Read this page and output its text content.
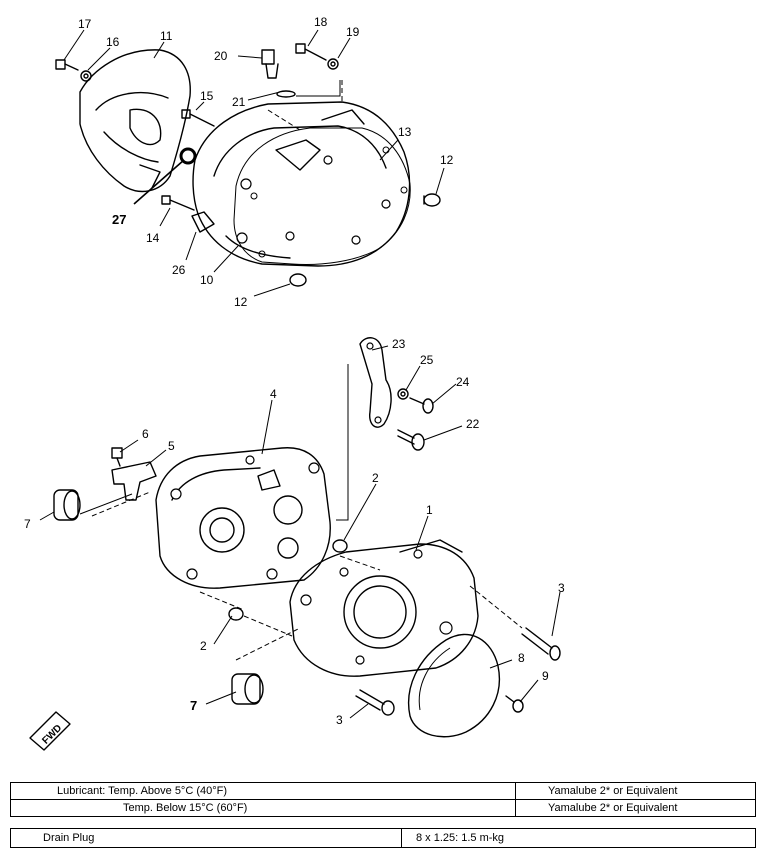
FWD
17
16	11
18
19
20
21
15
13
12
27
14
26
10
12
23
25
24
22
4
6
5
2
1
7
3
2
8
9
7
3
Lubricant: Temp. Above 5°C (40°F)	Yamalube 2* or Equivalent
Temp. Below 15°C (60°F)	Yamalube 2* or Equivalent
Drain Plug	8 x 1.25: 1.5 m-kg
